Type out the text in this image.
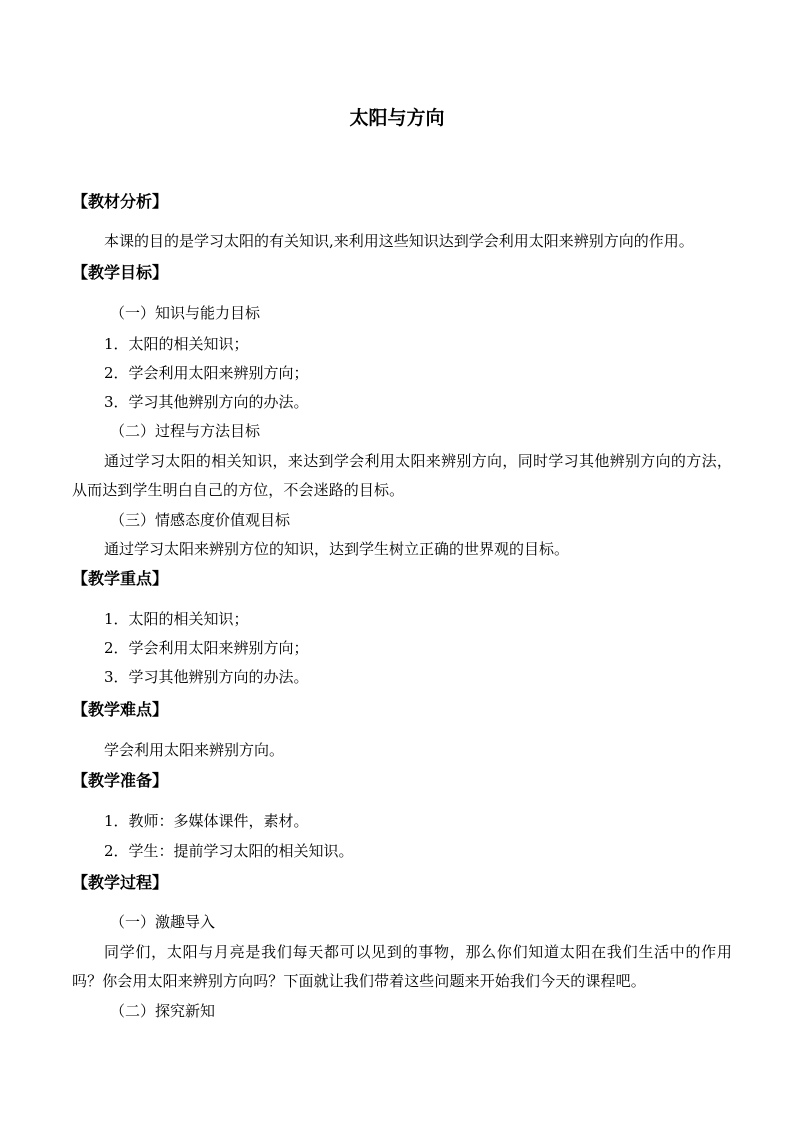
太阳与方向
【教材分析】
本课的目的是学习太阳的有关知识,来利用这些知识达到学会利用太阳来辨别方向的作用。
【教学目标】
（一）知识与能力目标
1．太阳的相关知识；
2．学会利用太阳来辨别方向；
3．学习其他辨别方向的办法。
（二）过程与方法目标
通过学习太阳的相关知识，来达到学会利用太阳来辨别方向，同时学习其他辨别方向的方法，从而达到学生明白自己的方位，不会迷路的目标。
（三）情感态度价值观目标
通过学习太阳来辨别方位的知识，达到学生树立正确的世界观的目标。
【教学重点】
1．太阳的相关知识；
2．学会利用太阳来辨别方向；
3．学习其他辨别方向的办法。
【教学难点】
学会利用太阳来辨别方向。
【教学准备】
1．教师：多媒体课件，素材。
2．学生：提前学习太阳的相关知识。
【教学过程】
（一）激趣导入
同学们，太阳与月亮是我们每天都可以见到的事物，那么你们知道太阳在我们生活中的作用吗？你会用太阳来辨别方向吗？下面就让我们带着这些问题来开始我们今天的课程吧。
（二）探究新知
